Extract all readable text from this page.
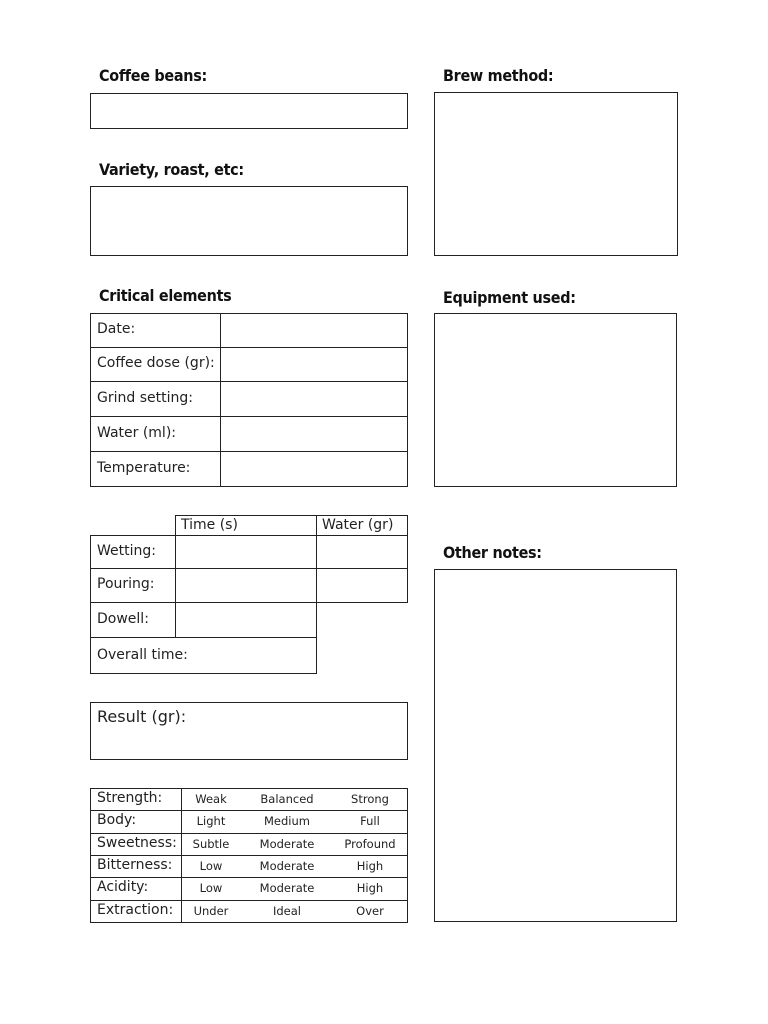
Coffee beans:
Variety, roast, etc:
Critical elements
Date:
Coffee dose (gr):
Grind setting:
Water (ml):
Temperature:
Time (s)	Water (gr)
Wetting:
Pouring:
Dowell:
Overall time:
Result (gr):
Strength:	Weak	Balanced	Strong
Body:	Light	Medium	Full
Sweetness:	Subtle	Moderate	Profound
Bitterness:	Low	Moderate	High
Acidity:	Low	Moderate	High
Extraction:	Under	Ideal	Over
Brew method:
Equipment used:
Other notes:
